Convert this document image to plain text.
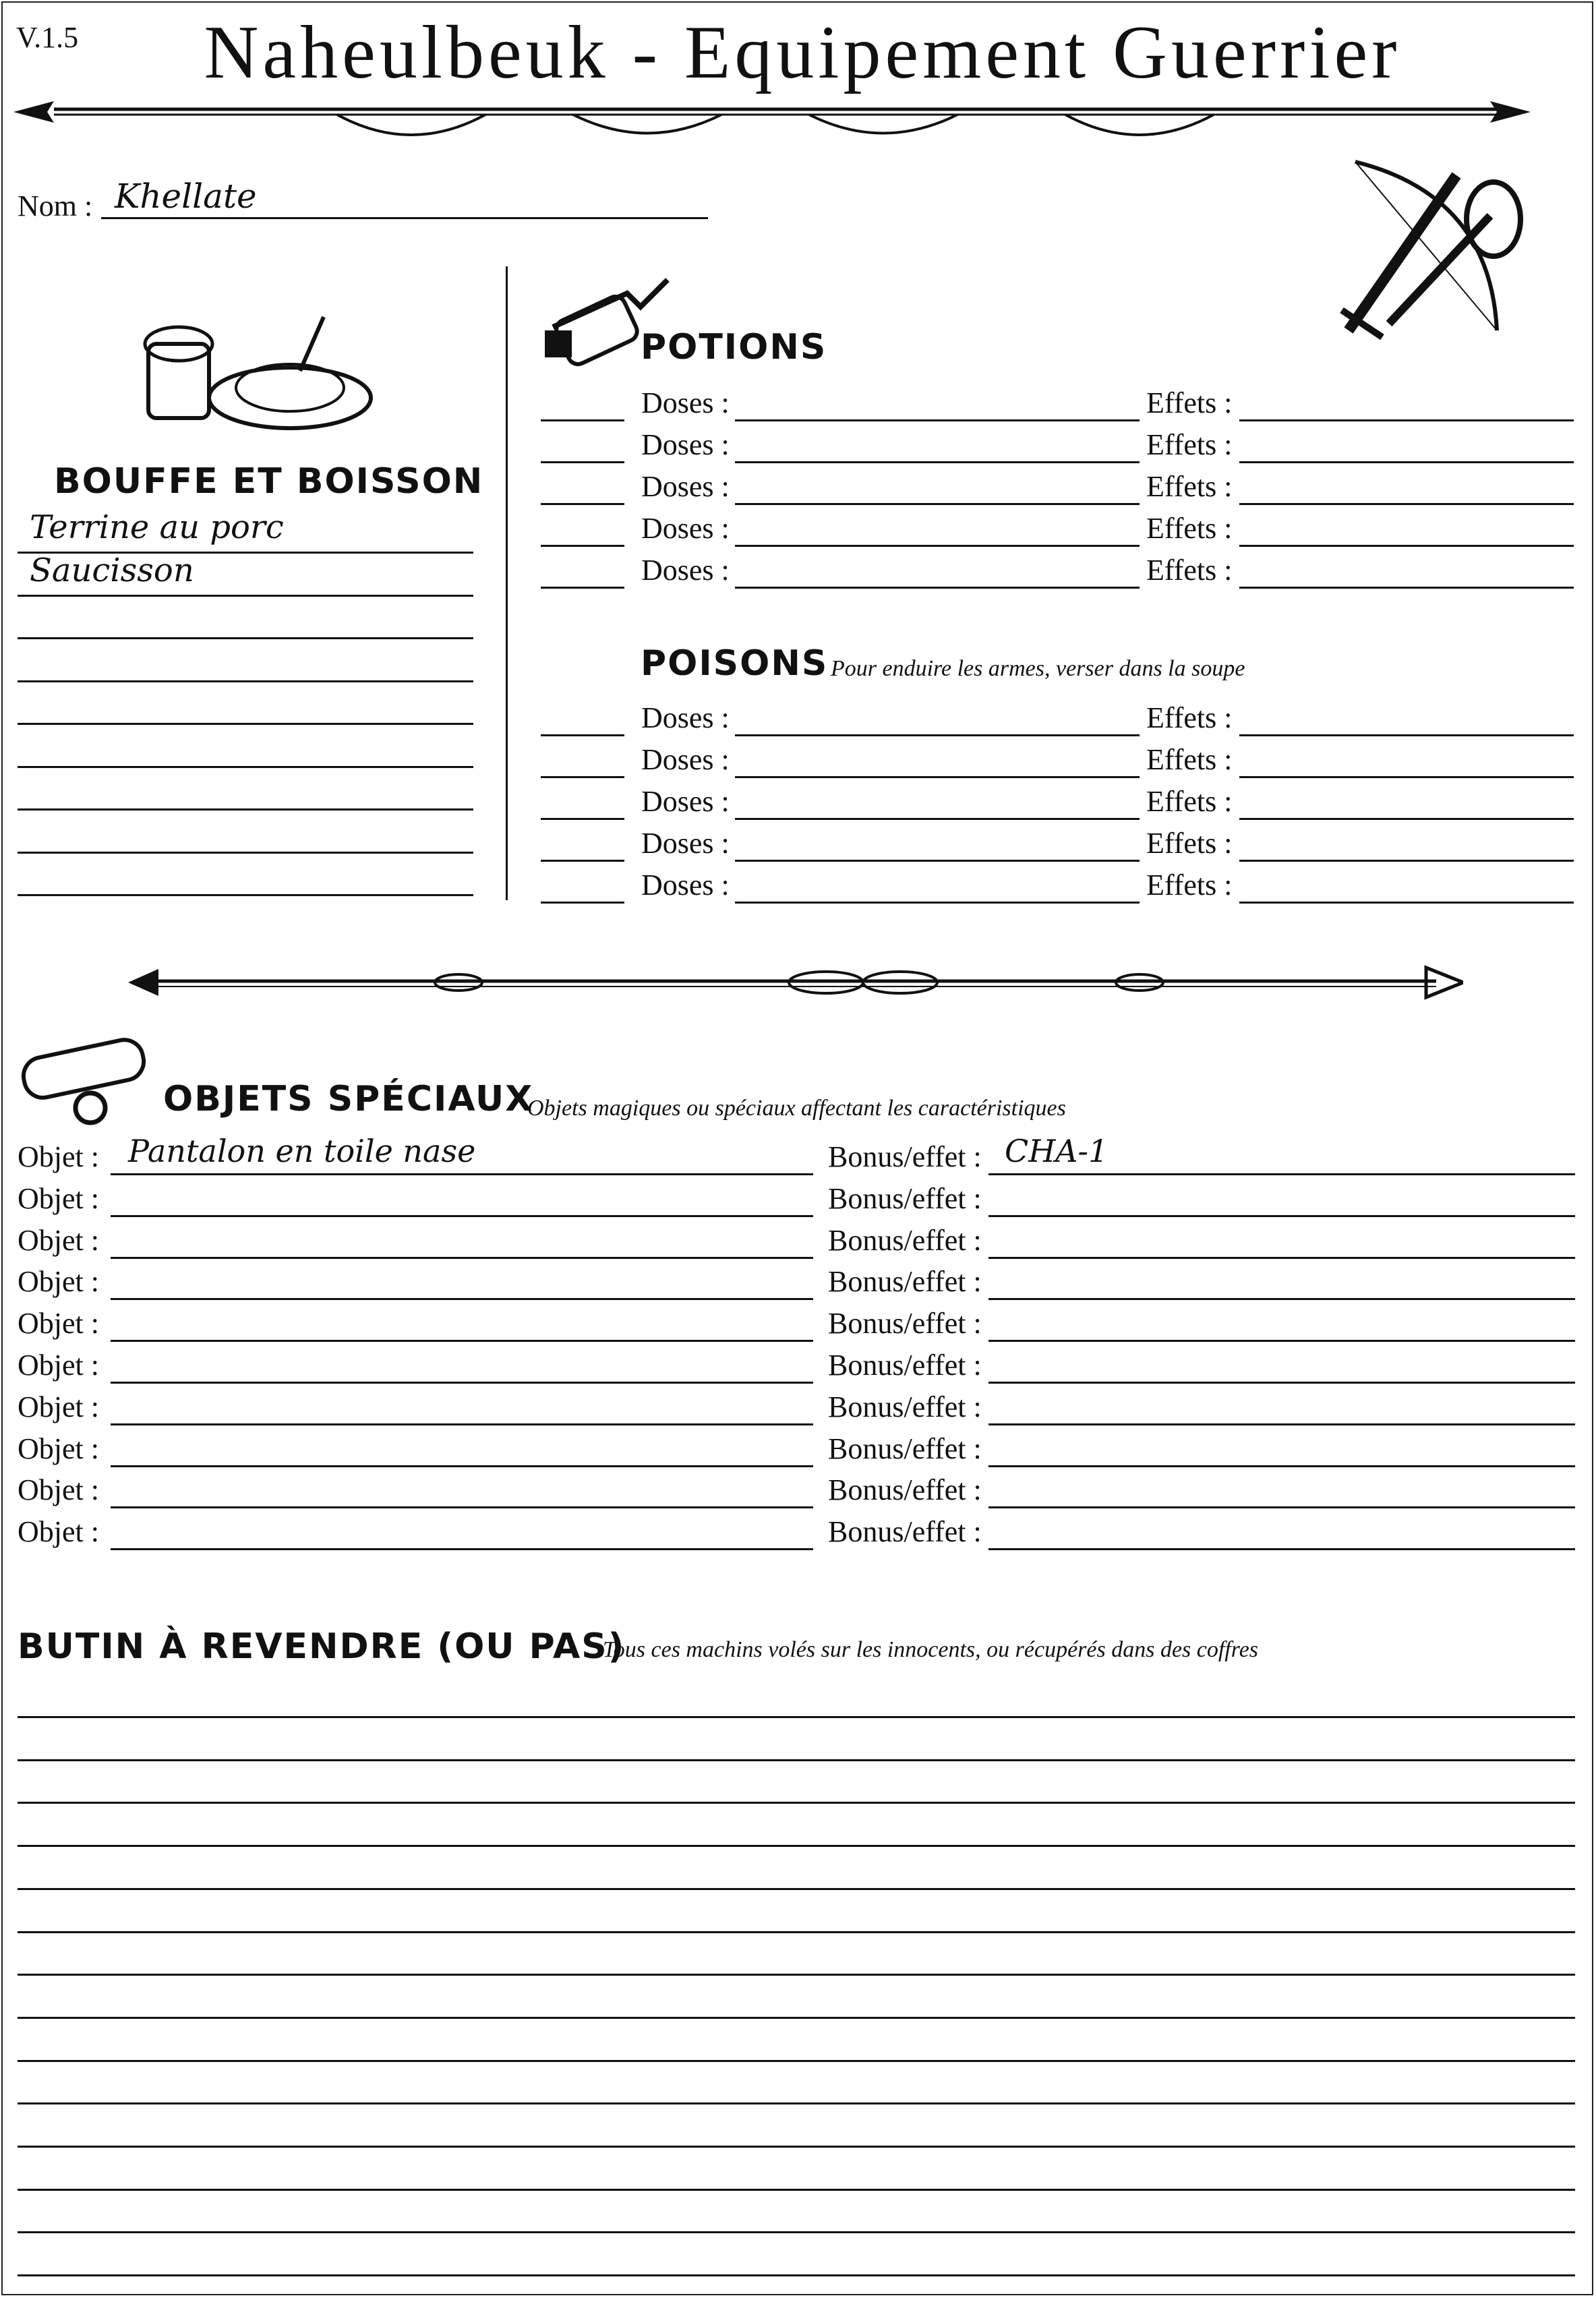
V.1.5	Naheulbeuk - Equipement Guerrier
Nom : Khellate
BOUFFE ET BOISSON
Terrine au porc
Saucisson
POTIONS
Doses :	Effets :
Doses :	Effets :
Doses :	Effets :
Doses :	Effets :
Doses :	Effets :
POISONS Pour enduire les armes, verser dans la soupe
Doses :	Effets :
Doses :	Effets :
Doses :	Effets :
Doses :	Effets :
Doses :	Effets :
OBJETS SPÉCIAUX
Objets magiques ou spéciaux affectant les caractéristiques
Objet : Pantalon en toile nase	Bonus/effet : CHA-1
Objet :	Bonus/effet :
Objet :	Bonus/effet :
Objet :	Bonus/effet :
Objet :	Bonus/effet :
Objet :	Bonus/effet :
Objet :	Bonus/effet :
Objet :	Bonus/effet :
Objet :	Bonus/effet :
Objet :	Bonus/effet :
BUTIN À REVENDRE (OU PAS)
Tous ces machins volés sur les innocents, ou récupérés dans des coffres
